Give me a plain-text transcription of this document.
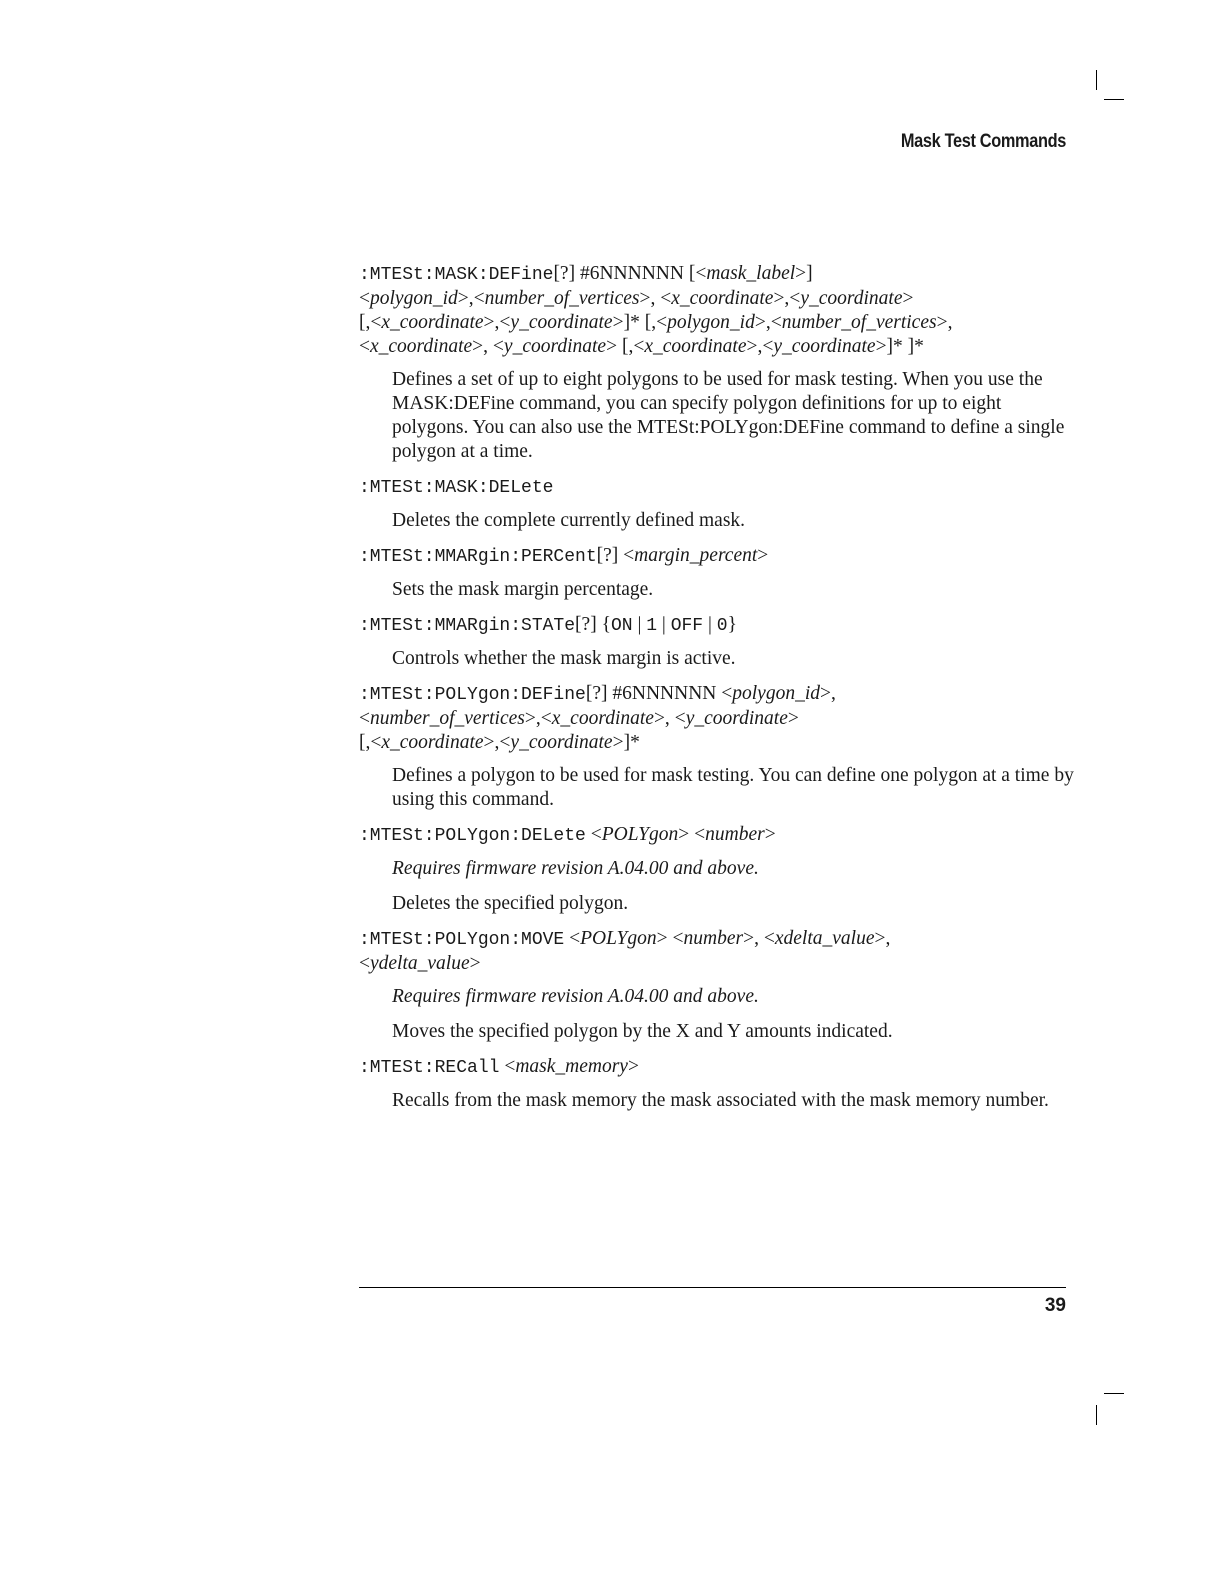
Mask Test Commands
:MTESt:MASK:DEFine[?] #6NNNNNN [<mask_label>]
<polygon_id>,<number_of_vertices>, <x_coordinate>,<y_coordinate>
[,<x_coordinate>,<y_coordinate>]* [,<polygon_id>,<number_of_vertices>,
<x_coordinate>, <y_coordinate> [,<x_coordinate>,<y_coordinate>]* ]*
Defines a set of up to eight polygons to be used for mask testing. When you use the MASK:DEFine command, you can specify polygon definitions for up to eight polygons. You can also use the MTESt:POLYgon:DEFine command to define a single polygon at a time.
:MTESt:MASK:DELete
Deletes the complete currently defined mask.
:MTESt:MMARgin:PERCent[?] <margin_percent>
Sets the mask margin percentage.
:MTESt:MMARgin:STATe[?] {ON | 1 | OFF | 0}
Controls whether the mask margin is active.
:MTESt:POLYgon:DEFine[?] #6NNNNNN <polygon_id>,
<number_of_vertices>,<x_coordinate>, <y_coordinate>
[,<x_coordinate>,<y_coordinate>]*
Defines a polygon to be used for mask testing. You can define one polygon at a time by using this command.
:MTESt:POLYgon:DELete <POLYgon> <number>
Requires firmware revision A.04.00 and above.
Deletes the specified polygon.
:MTESt:POLYgon:MOVE <POLYgon> <number>, <xdelta_value>,
<ydelta_value>
Requires firmware revision A.04.00 and above.
Moves the specified polygon by the X and Y amounts indicated.
:MTESt:RECall <mask_memory>
Recalls from the mask memory the mask associated with the mask memory number.
39
